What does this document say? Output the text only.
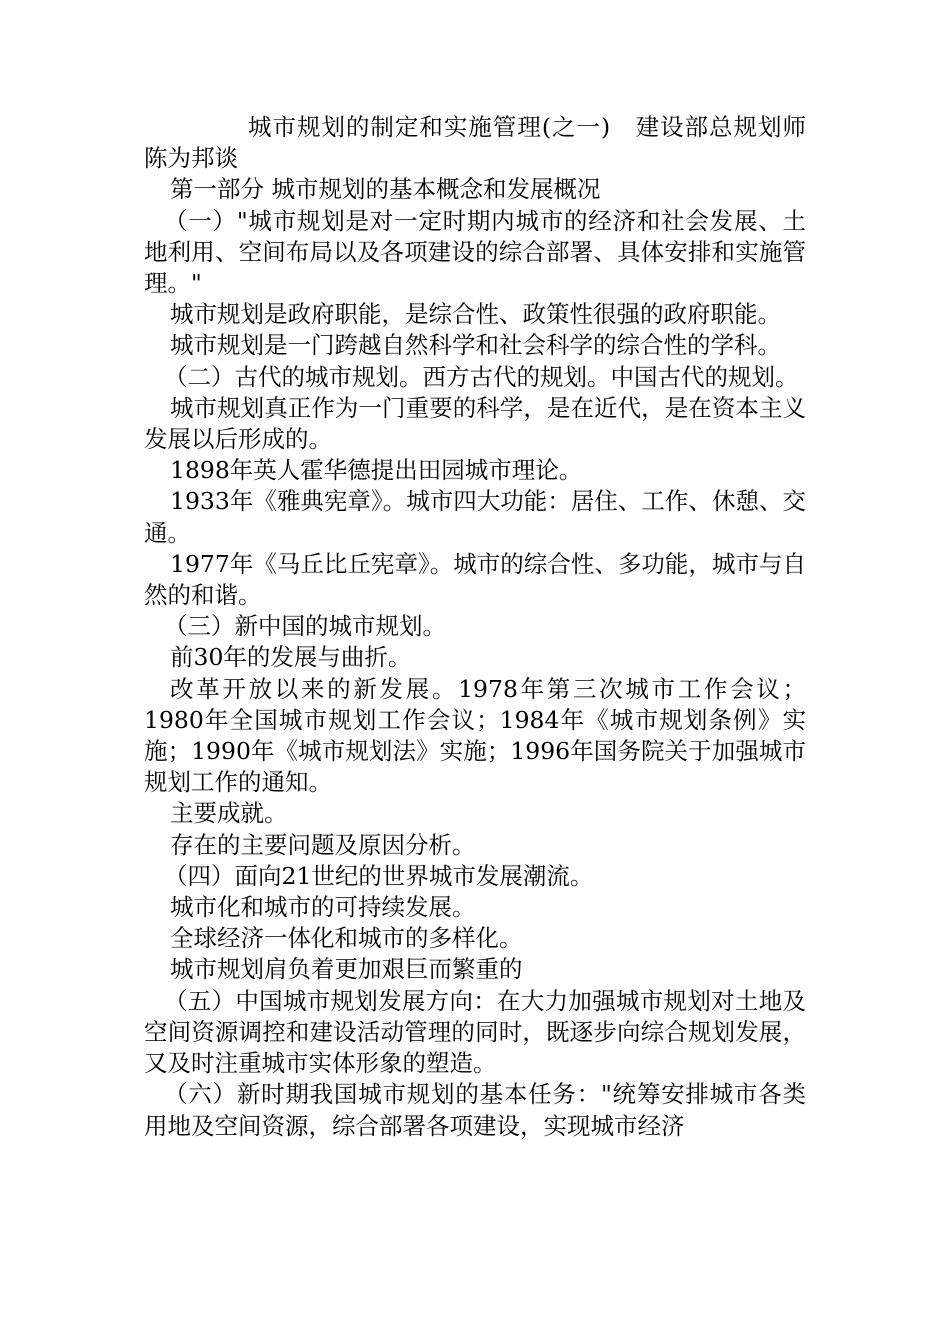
城市规划的制定和实施管理(之一)　建设部总规划师陈为邦谈

第一部分 城市规划的基本概念和发展概况

（一）"城市规划是对一定时期内城市的经济和社会发展、土地利用、空间布局以及各项建设的综合部署、具体安排和实施管理。"

城市规划是政府职能，是综合性、政策性很强的政府职能。

城市规划是一门跨越自然科学和社会科学的综合性的学科。

（二）古代的城市规划。西方古代的规划。中国古代的规划。

城市规划真正作为一门重要的科学，是在近代，是在资本主义发展以后形成的。

1898年英人霍华德提出田园城市理论。

1933年《雅典宪章》。城市四大功能：居住、工作、休憩、交通。

1977年《马丘比丘宪章》。城市的综合性、多功能，城市与自然的和谐。

（三）新中国的城市规划。

前30年的发展与曲折。

改革开放以来的新发展。1978年第三次城市工作会议；1980年全国城市规划工作会议；1984年《城市规划条例》实施；1990年《城市规划法》实施；1996年国务院关于加强城市规划工作的通知。

主要成就。

存在的主要问题及原因分析。

（四）面向21世纪的世界城市发展潮流。

城市化和城市的可持续发展。

全球经济一体化和城市的多样化。

城市规划肩负着更加艰巨而繁重的

（五）中国城市规划发展方向：在大力加强城市规划对土地及空间资源调控和建设活动管理的同时，既逐步向综合规划发展，又及时注重城市实体形象的塑造。

（六）新时期我国城市规划的基本任务："统筹安排城市各类用地及空间资源，综合部署各项建设，实现城市经济
